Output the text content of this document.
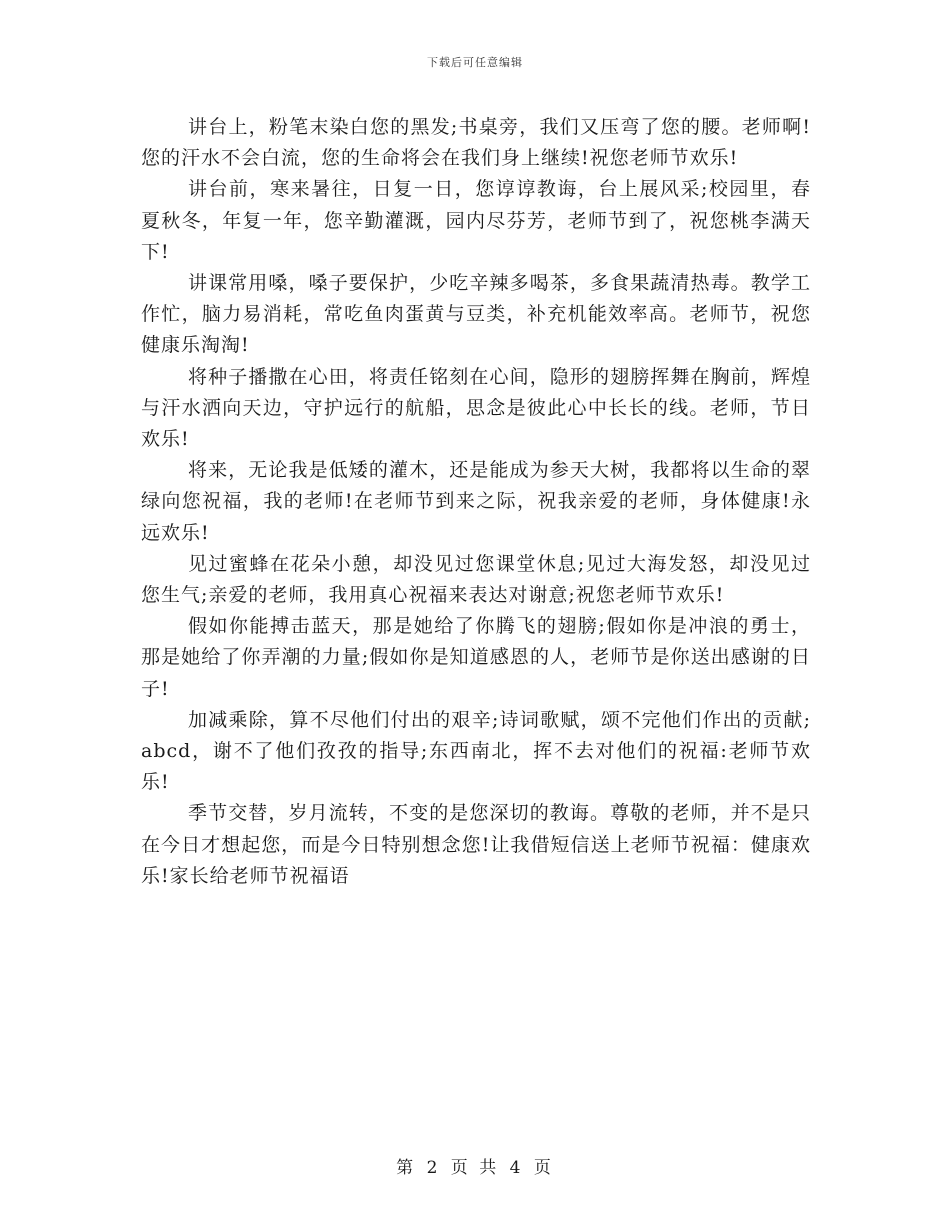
下载后可任意编辑

讲台上，粉笔末染白您的黑发;书桌旁，我们又压弯了您的腰。老师啊!您的汗水不会白流，您的生命将会在我们身上继续!祝您老师节欢乐!

讲台前，寒来暑往，日复一日，您谆谆教诲，台上展风采;校园里，春夏秋冬，年复一年，您辛勤灌溉，园内尽芬芳，老师节到了，祝您桃李满天下!

讲课常用嗓，嗓子要保护，少吃辛辣多喝茶，多食果蔬清热毒。教学工作忙，脑力易消耗，常吃鱼肉蛋黄与豆类，补充机能效率高。老师节，祝您健康乐淘淘!

将种子播撒在心田，将责任铭刻在心间，隐形的翅膀挥舞在胸前，辉煌与汗水洒向天边，守护远行的航船，思念是彼此心中长长的线。老师，节日欢乐!

将来，无论我是低矮的灌木，还是能成为参天大树，我都将以生命的翠绿向您祝福，我的老师!在老师节到来之际，祝我亲爱的老师，身体健康!永远欢乐!

见过蜜蜂在花朵小憩，却没见过您课堂休息;见过大海发怒，却没见过您生气;亲爱的老师，我用真心祝福来表达对谢意;祝您老师节欢乐!

假如你能搏击蓝天，那是她给了你腾飞的翅膀;假如你是冲浪的勇士，那是她给了你弄潮的力量;假如你是知道感恩的人，老师节是你送出感谢的日子!

加减乘除，算不尽他们付出的艰辛;诗词歌赋，颂不完他们作出的贡献;abcd，谢不了他们孜孜的指导;东西南北，挥不去对他们的祝福:老师节欢乐!

季节交替，岁月流转，不变的是您深切的教诲。尊敬的老师，并不是只在今日才想起您，而是今日特别想念您!让我借短信送上老师节祝福：健康欢乐!家长给老师节祝福语

第 2 页 共 4 页
